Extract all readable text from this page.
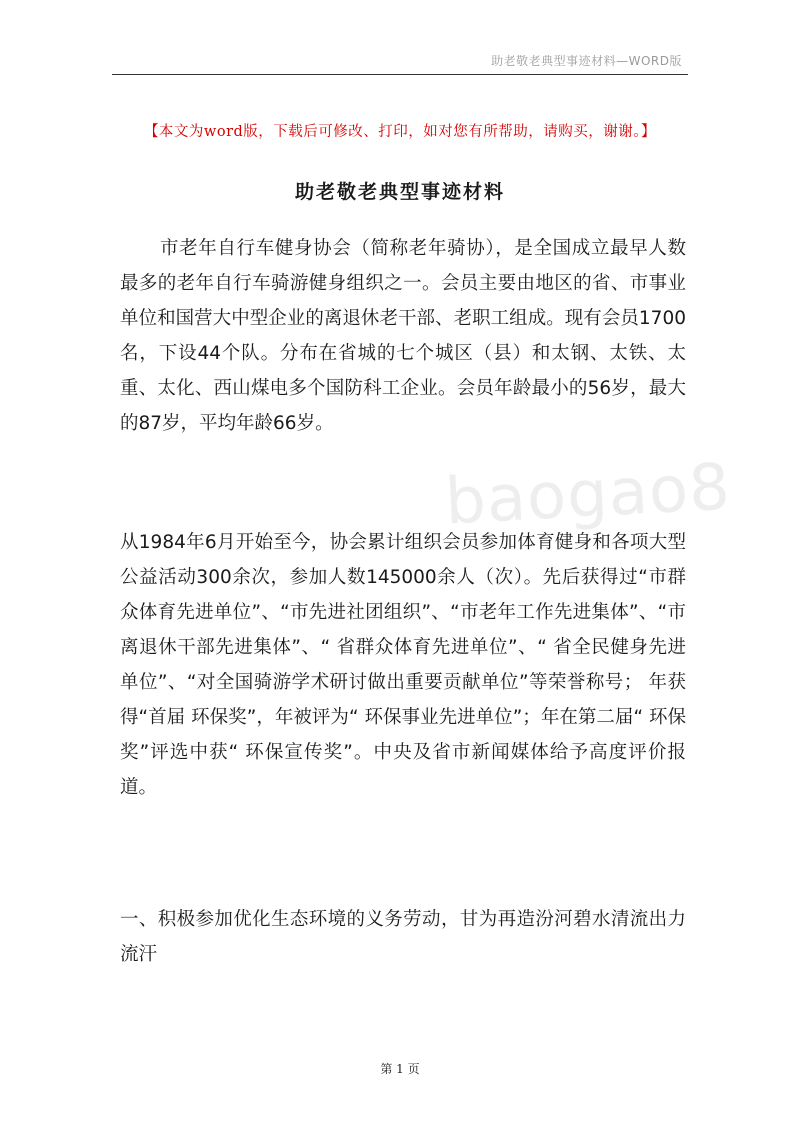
助老敬老典型事迹材料—WORD版
【本文为word版，下载后可修改、打印，如对您有所帮助，请购买，谢谢。】
助老敬老典型事迹材料

市老年自行车健身协会（简称老年骑协），是全国成立最早人数最多的老年自行车骑游健身组织之一。会员主要由地区的省、市事业单位和国营大中型企业的离退休老干部、老职工组成。现有会员1700名，下设44个队。分布在省城的七个城区（县）和太钢、太铁、太重、太化、西山煤电多个国防科工企业。会员年龄最小的56岁，最大的87岁，平均年龄66岁。

baogao8

从1984年6月开始至今，协会累计组织会员参加体育健身和各项大型公益活动300余次，参加人数145000余人（次）。先后获得过“市群众体育先进单位”、“市先进社团组织”、“市老年工作先进集体”、“市离退休干部先进集体”、“ 省群众体育先进单位”、“ 省全民健身先进单位”、“对全国骑游学术研讨做出重要贡献单位”等荣誉称号； 年获得“首届 环保奖”，年被评为“ 环保事业先进单位”；年在第二届“ 环保奖”评选中获“ 环保宣传奖”。中央及省市新闻媒体给予高度评价报道。

一、积极参加优化生态环境的义务劳动，甘为再造汾河碧水清流出力流汗

第 1 页
